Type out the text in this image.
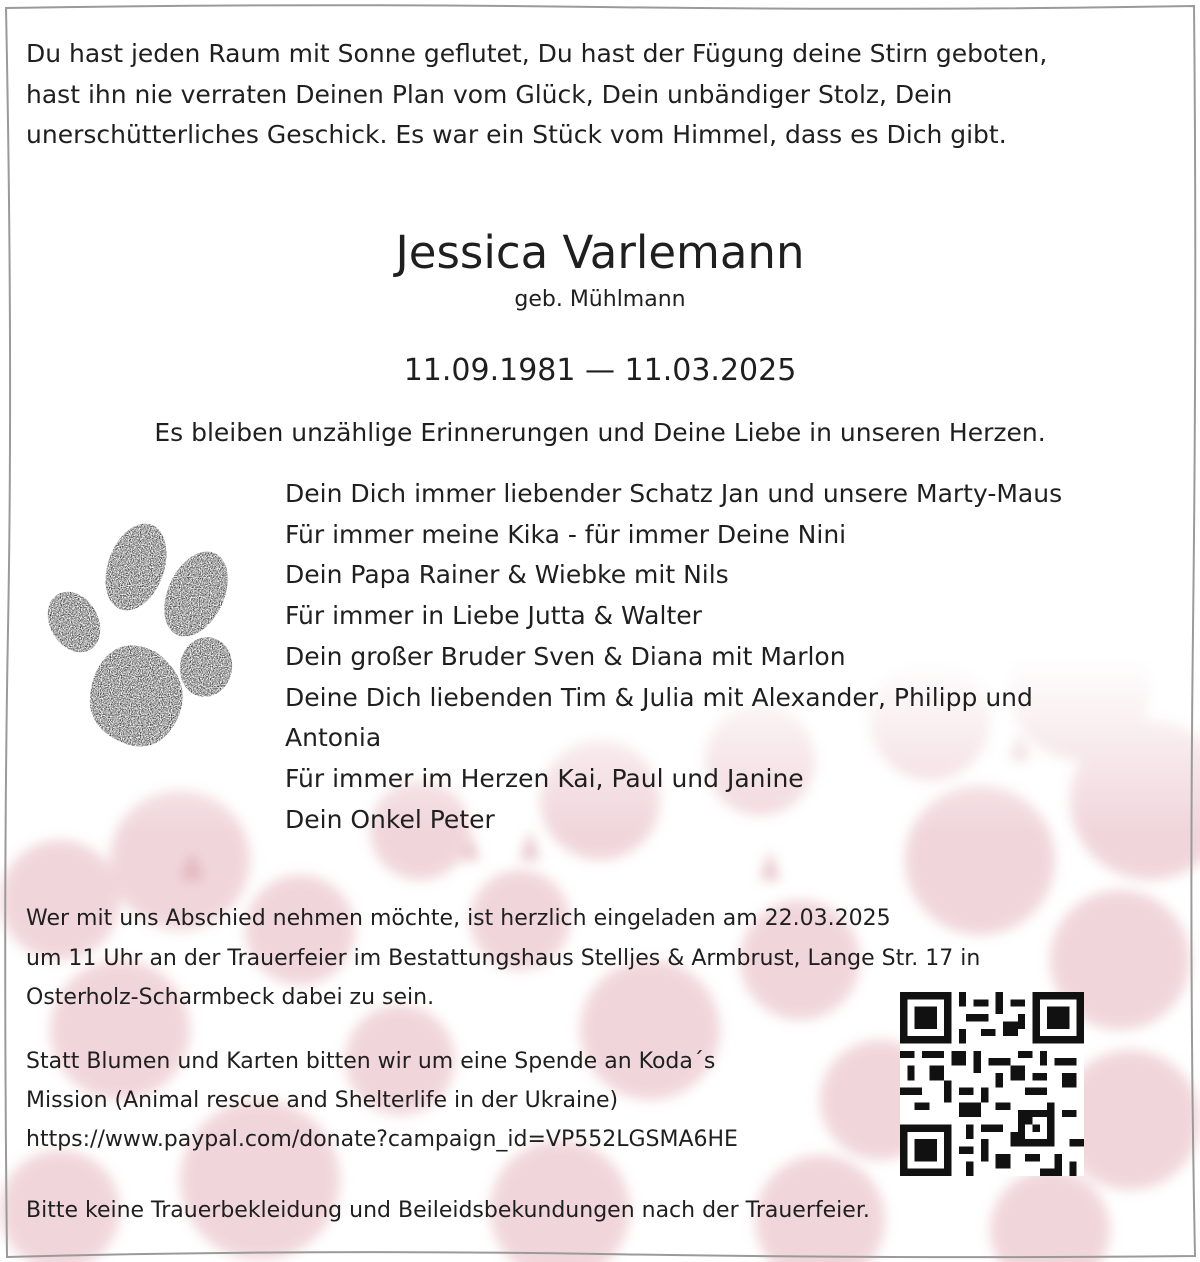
Du hast jeden Raum mit Sonne geflutet, Du hast der Fügung deine Stirn geboten,
hast ihn nie verraten Deinen Plan vom Glück, Dein unbändiger Stolz, Dein
unerschütterliches Geschick. Es war ein Stück vom Himmel, dass es Dich gibt.
Jessica Varlemann
geb. Mühlmann
11.09.1981 — 11.03.2025
Es bleiben unzählige Erinnerungen und Deine Liebe in unseren Herzen.
Dein Dich immer liebender Schatz Jan und unsere Marty-Maus
Für immer meine Kika - für immer Deine Nini
Dein Papa Rainer & Wiebke mit Nils
Für immer in Liebe Jutta & Walter
Dein großer Bruder Sven & Diana mit Marlon
Deine Dich liebenden Tim & Julia mit Alexander, Philipp und
Antonia
Für immer im Herzen Kai, Paul und Janine
Dein Onkel Peter
Wer mit uns Abschied nehmen möchte, ist herzlich eingeladen am 22.03.2025
um 11 Uhr an der Trauerfeier im Bestattungshaus Stelljes & Armbrust, Lange Str. 17 in
Osterholz-Scharmbeck dabei zu sein.
Statt Blumen und Karten bitten wir um eine Spende an Koda´s
Mission (Animal rescue and Shelterlife in der Ukraine)
https://www.paypal.com/donate?campaign_id=VP552LGSMA6HE
Bitte keine Trauerbekleidung und Beileidsbekundungen nach der Trauerfeier.
